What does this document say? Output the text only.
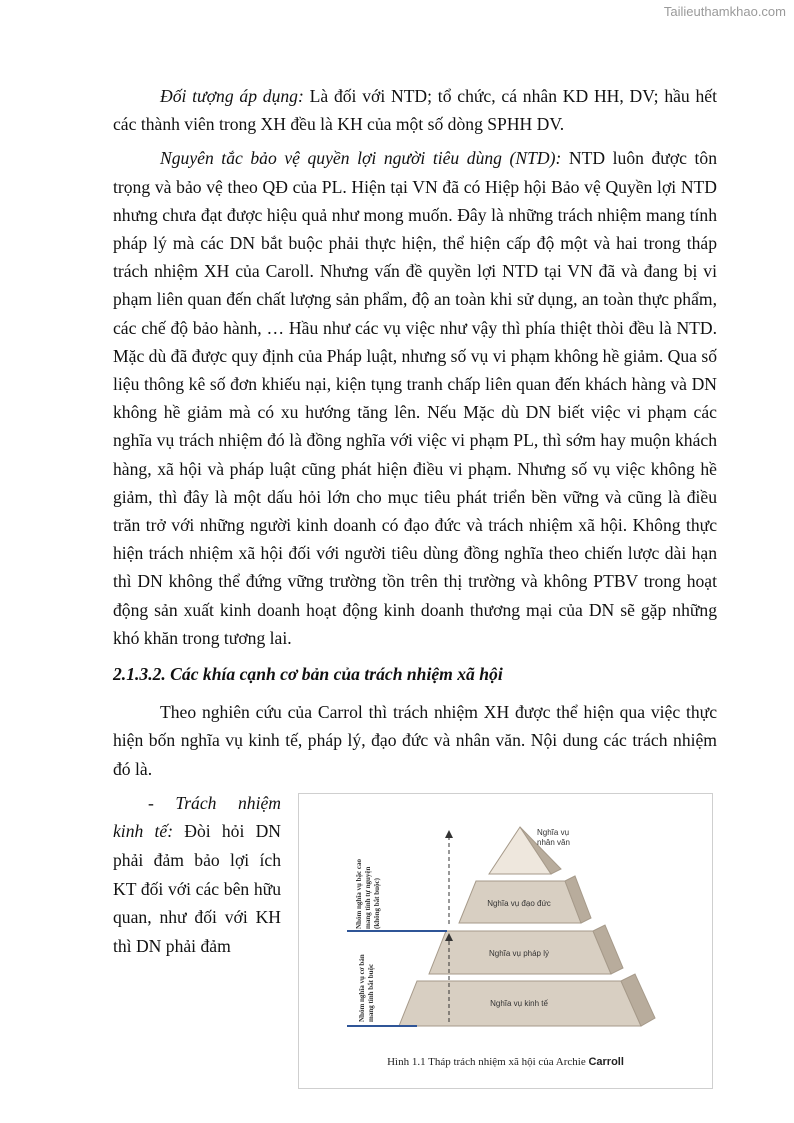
Tailieuthamkhao.com

Đối tượng áp dụng: Là đối với NTD; tổ chức, cá nhân KD HH, DV; hầu hết các thành viên trong XH đều là KH của một số dòng SPHH DV.

Nguyên tắc bảo vệ quyền lợi người tiêu dùng (NTD): NTD luôn được tôn trọng và bảo vệ theo QĐ của PL. Hiện tại VN đã có Hiệp hội Bảo vệ Quyền lợi NTD nhưng chưa đạt được hiệu quả như mong muốn. Đây là những trách nhiệm mang tính pháp lý mà các DN bắt buộc phải thực hiện, thể hiện cấp độ một và hai trong tháp trách nhiệm XH của Caroll. Nhưng vấn đề quyền lợi NTD tại VN đã và đang bị vi phạm liên quan đến chất lượng sản phẩm, độ an toàn khi sử dụng, an toàn thực phẩm, các chế độ bảo hành, … Hầu như các vụ việc như vậy thì phía thiệt thòi đều là NTD. Mặc dù đã được quy định của Pháp luật, nhưng số vụ vi phạm không hề giảm. Qua số liệu thông kê số đơn khiếu nại, kiện tụng tranh chấp liên quan đến khách hàng và DN không hề giảm mà có xu hướng tăng lên. Nếu Mặc dù DN biết việc vi phạm các nghĩa vụ trách nhiệm đó là đồng nghĩa với việc vi phạm PL, thì sớm hay muộn khách hàng, xã hội và pháp luật cũng phát hiện điều vi phạm. Nhưng số vụ việc không hề giảm, thì đây là một dấu hỏi lớn cho mục tiêu phát triển bền vững và cũng là điều trăn trở với những người kinh doanh có đạo đức và trách nhiệm xã hội. Không thực hiện trách nhiệm xã hội đối với người tiêu dùng đồng nghĩa theo chiến lược dài hạn thì DN không thể đứng vững trường tồn trên thị trường và không PTBV trong hoạt động sản xuất kinh doanh hoạt động kinh doanh thương mại của DN sẽ gặp những khó khăn trong tương lai.

2.1.3.2. Các khía cạnh cơ bản của trách nhiệm xã hội

Theo nghiên cứu của Carrol thì trách nhiệm XH được thể hiện qua việc thực hiện bốn nghĩa vụ kinh tế, pháp lý, đạo đức và nhân văn. Nội dung các trách nhiệm đó là.

- Trách nhiệm kinh tế: Đòi hỏi DN phải đảm bảo lợi ích KT đối với các bên hữu quan, như đối với KH thì DN phải đảm

Nghĩa vụ
nhân văn
Nghĩa vụ đạo đức
Nghĩa vụ pháp lý
Nghĩa vụ kinh tế
Nhóm nghĩa vụ bậc cao mang tính tự nguyện (không bắt buộc)
Nhóm nghĩa vụ cơ bản mang tính bắt buộc
Hình 1.1 Tháp trách nhiệm xã hội của Archie Carroll
